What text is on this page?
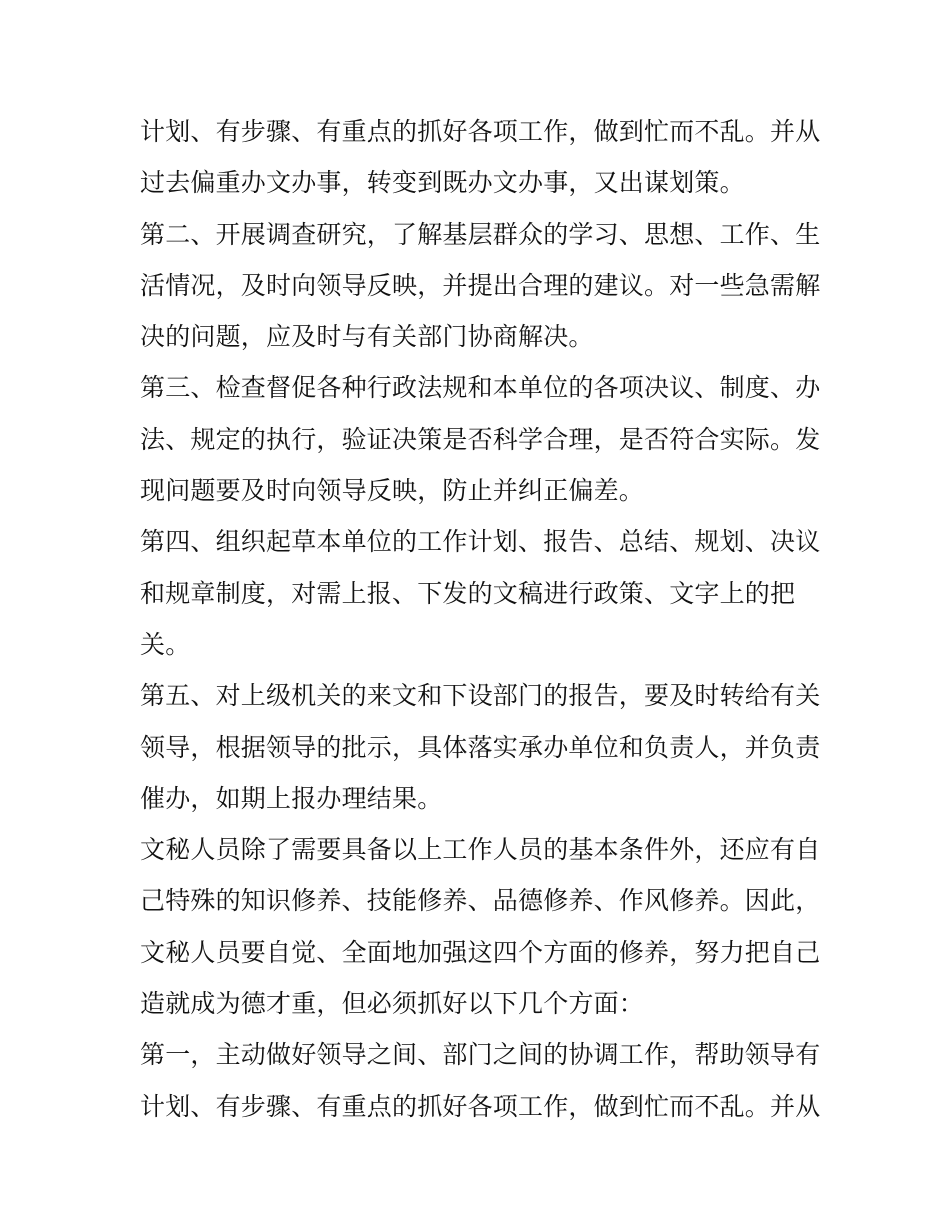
计划、有步骤、有重点的抓好各项工作，做到忙而不乱。并从
过去偏重办文办事，转变到既办文办事，又出谋划策。
第二、开展调查研究，了解基层群众的学习、思想、工作、生
活情况，及时向领导反映，并提出合理的建议。对一些急需解
决的问题，应及时与有关部门协商解决。
第三、检查督促各种行政法规和本单位的各项决议、制度、办
法、规定的执行，验证决策是否科学合理，是否符合实际。发
现问题要及时向领导反映，防止并纠正偏差。
第四、组织起草本单位的工作计划、报告、总结、规划、决议
和规章制度，对需上报、下发的文稿进行政策、文字上的把
关。
第五、对上级机关的来文和下设部门的报告，要及时转给有关
领导，根据领导的批示，具体落实承办单位和负责人，并负责
催办，如期上报办理结果。
文秘人员除了需要具备以上工作人员的基本条件外，还应有自
己特殊的知识修养、技能修养、品德修养、作风修养。因此，
文秘人员要自觉、全面地加强这四个方面的修养，努力把自己
造就成为德才重，但必须抓好以下几个方面：
第一，主动做好领导之间、部门之间的协调工作，帮助领导有
计划、有步骤、有重点的抓好各项工作，做到忙而不乱。并从
